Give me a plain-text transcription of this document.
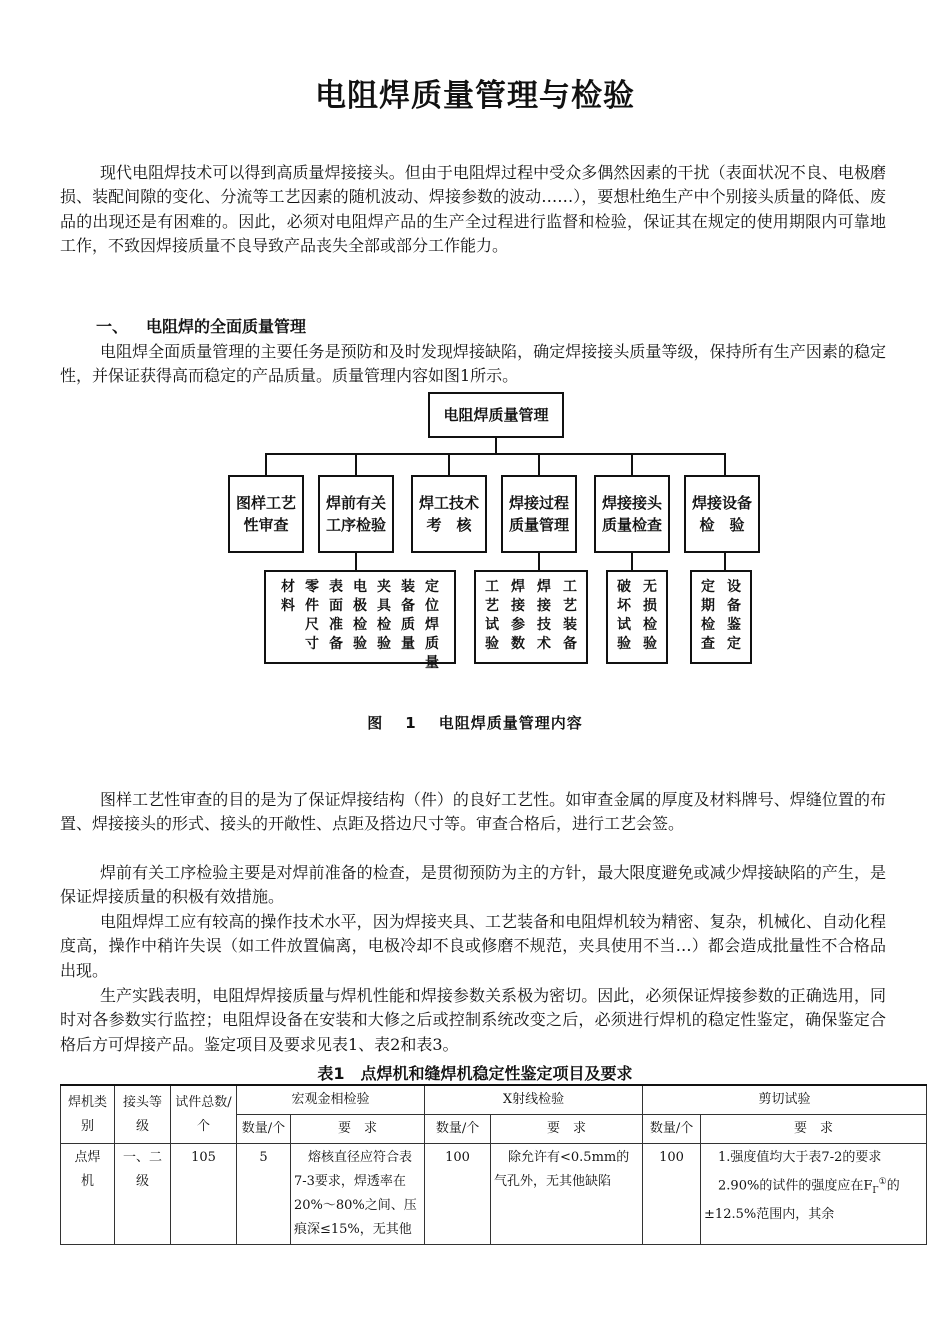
电阻焊质量管理与检验

现代电阻焊技术可以得到高质量焊接接头。但由于电阻焊过程中受众多偶然因素的干扰（表面状况不良、电极磨损、装配间隙的变化、分流等工艺因素的随机波动、焊接参数的波动……），要想杜绝生产中个别接头质量的降低、废品的出现还是有困难的。因此，必须对电阻焊产品的生产全过程进行监督和检验，保证其在规定的使用期限内可靠地工作，不致因焊接质量不良导致产品丧失全部或部分工作能力。

一、 电阻焊的全面质量管理

电阻焊全面质量管理的主要任务是预防和及时发现焊接缺陷，确定焊接接头质量等级，保持所有生产因素的稳定性，并保证获得高而稳定的产品质量。质量管理内容如图1所示。

电阻焊质量管理
图样工艺
性审查
焊前有关
工序检验
焊工技术
考　核
焊接过程
质量管理
焊接接头
质量检查
焊接设备
检　验
材　料
零件尺寸
表面准备
电极检验
夹具检验
装备质量
定位焊质量
工艺试验
焊接参数
焊接技术
工艺装备
破坏试验
无损检验
定期检查
设备鉴定
图 1 电阻焊质量管理内容

图样工艺性审查的目的是为了保证焊接结构（件）的良好工艺性。如审查金属的厚度及材料牌号、焊缝位置的布置、焊接接头的形式、接头的开敞性、点距及搭边尺寸等。审查合格后，进行工艺会签。

焊前有关工序检验主要是对焊前准备的检查，是贯彻预防为主的方针，最大限度避免或减少焊接缺陷的产生，是保证焊接质量的积极有效措施。

电阻焊焊工应有较高的操作技术水平，因为焊接夹具、工艺装备和电阻焊机较为精密、复杂，机械化、自动化程度高，操作中稍许失误（如工件放置偏离，电极冷却不良或修磨不规范，夹具使用不当…）都会造成批量性不合格品出现。

生产实践表明，电阻焊焊接质量与焊机性能和焊接参数关系极为密切。因此，必须保证焊接参数的正确选用，同时对各参数实行监控；电阻焊设备在安装和大修之后或控制系统改变之后，必须进行焊机的稳定性鉴定，确保鉴定合格后方可焊接产品。鉴定项目及要求见表1、表2和表3。

表1　点焊机和缝焊机稳定性鉴定项目及要求
焊机类别	接头等级	试件总数/个	宏观金相检验		X射线检验		剪切试验	
			数量/个	要　求	数量/个	要　求	数量/个	要　求
点焊机	一、二级	105	5	熔核直径应符合表7-3要求，焊透率在20%～80%之间、压痕深≤15%，无其他	100	除允许有<0.5mm的气孔外，无其他缺陷	100	1.强度值均大于表7-2的要求
2.90%的试件的强度应在$F_\Gamma^①$的±12.5%范围内，其余
